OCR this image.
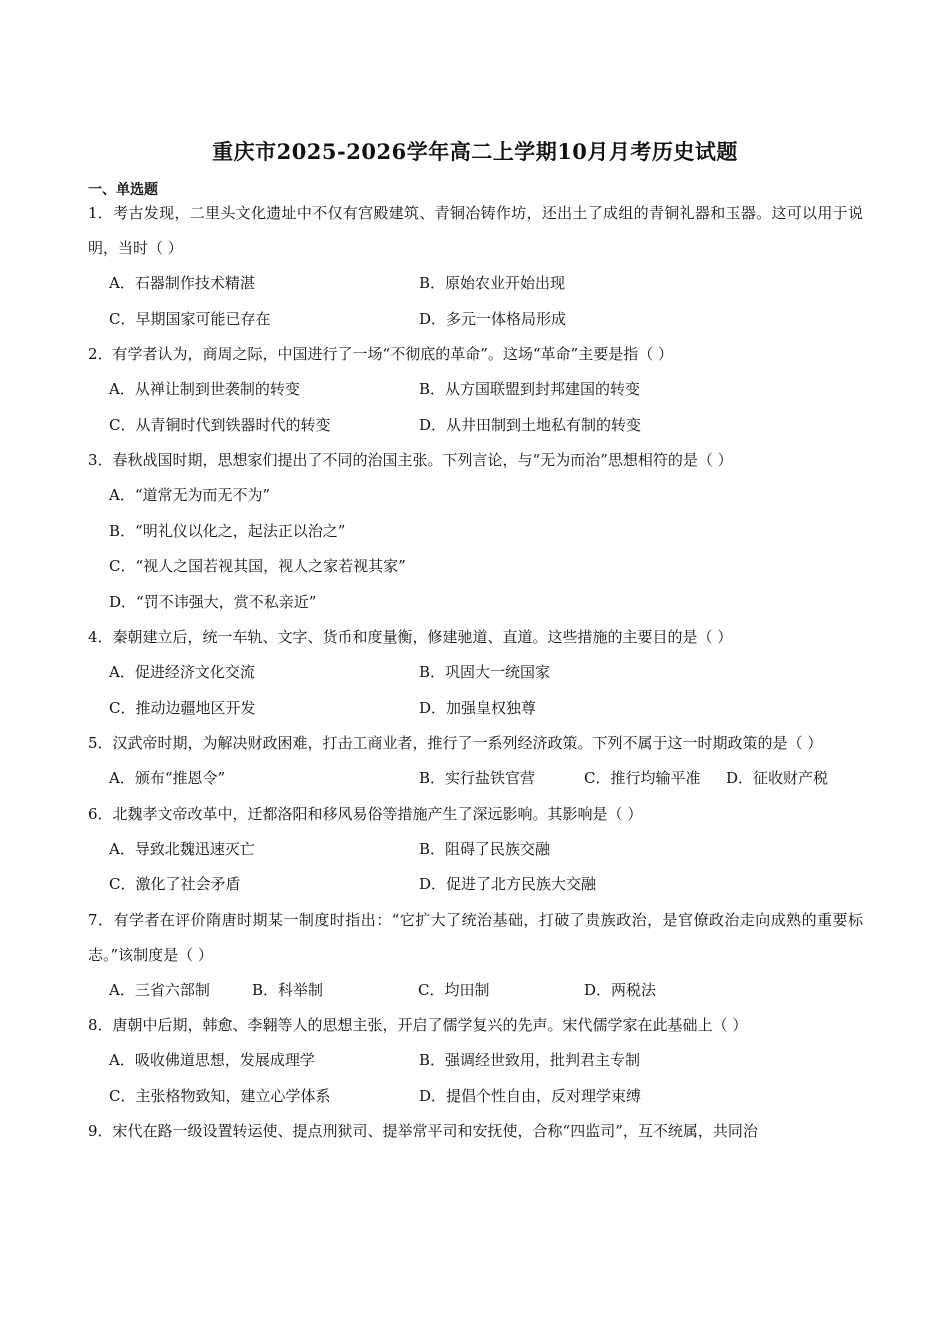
重庆市2025-2026学年高二上学期10月月考历史试题
一、单选题

1．考古发现，二里头文化遗址中不仅有宫殿建筑、青铜冶铸作坊，还出土了成组的青铜礼器和玉器。这可以用于说明，当时（ ）

A．石器制作技术精湛	B．原始农业开始出现
C．早期国家可能已存在	D．多元一体格局形成

2．有学者认为，商周之际，中国进行了一场“不彻底的革命”。这场“革命”主要是指（ ）

A．从禅让制到世袭制的转变	B．从方国联盟到封邦建国的转变
C．从青铜时代到铁器时代的转变	D．从井田制到土地私有制的转变

3．春秋战国时期，思想家们提出了不同的治国主张。下列言论，与“无为而治”思想相符的是（ ）

A．“道常无为而无不为”
B．“明礼仪以化之，起法正以治之”
C．“视人之国若视其国，视人之家若视其家”
D．“罚不讳强大，赏不私亲近”

4．秦朝建立后，统一车轨、文字、货币和度量衡，修建驰道、直道。这些措施的主要目的是（ ）

A．促进经济文化交流	B．巩固大一统国家
C．推动边疆地区开发	D．加强皇权独尊

5．汉武帝时期，为解决财政困难，打击工商业者，推行了一系列经济政策。下列不属于这一时期政策的是（ ）

A．颁布“推恩令”	B．实行盐铁官营	C．推行均输平准	D．征收财产税

6．北魏孝文帝改革中，迁都洛阳和移风易俗等措施产生了深远影响。其影响是（ ）

A．导致北魏迅速灭亡	B．阻碍了民族交融
C．激化了社会矛盾	D．促进了北方民族大交融

7．有学者在评价隋唐时期某一制度时指出：“它扩大了统治基础，打破了贵族政治，是官僚政治走向成熟的重要标志。”该制度是（ ）

A．三省六部制	B．科举制	C．均田制	D．两税法

8．唐朝中后期，韩愈、李翱等人的思想主张，开启了儒学复兴的先声。宋代儒学家在此基础上（ ）

A．吸收佛道思想，发展成理学	B．强调经世致用，批判君主专制
C．主张格物致知，建立心学体系	D．提倡个性自由，反对理学束缚

9．宋代在路一级设置转运使、提点刑狱司、提举常平司和安抚使，合称“四监司”，互不统属，共同治
